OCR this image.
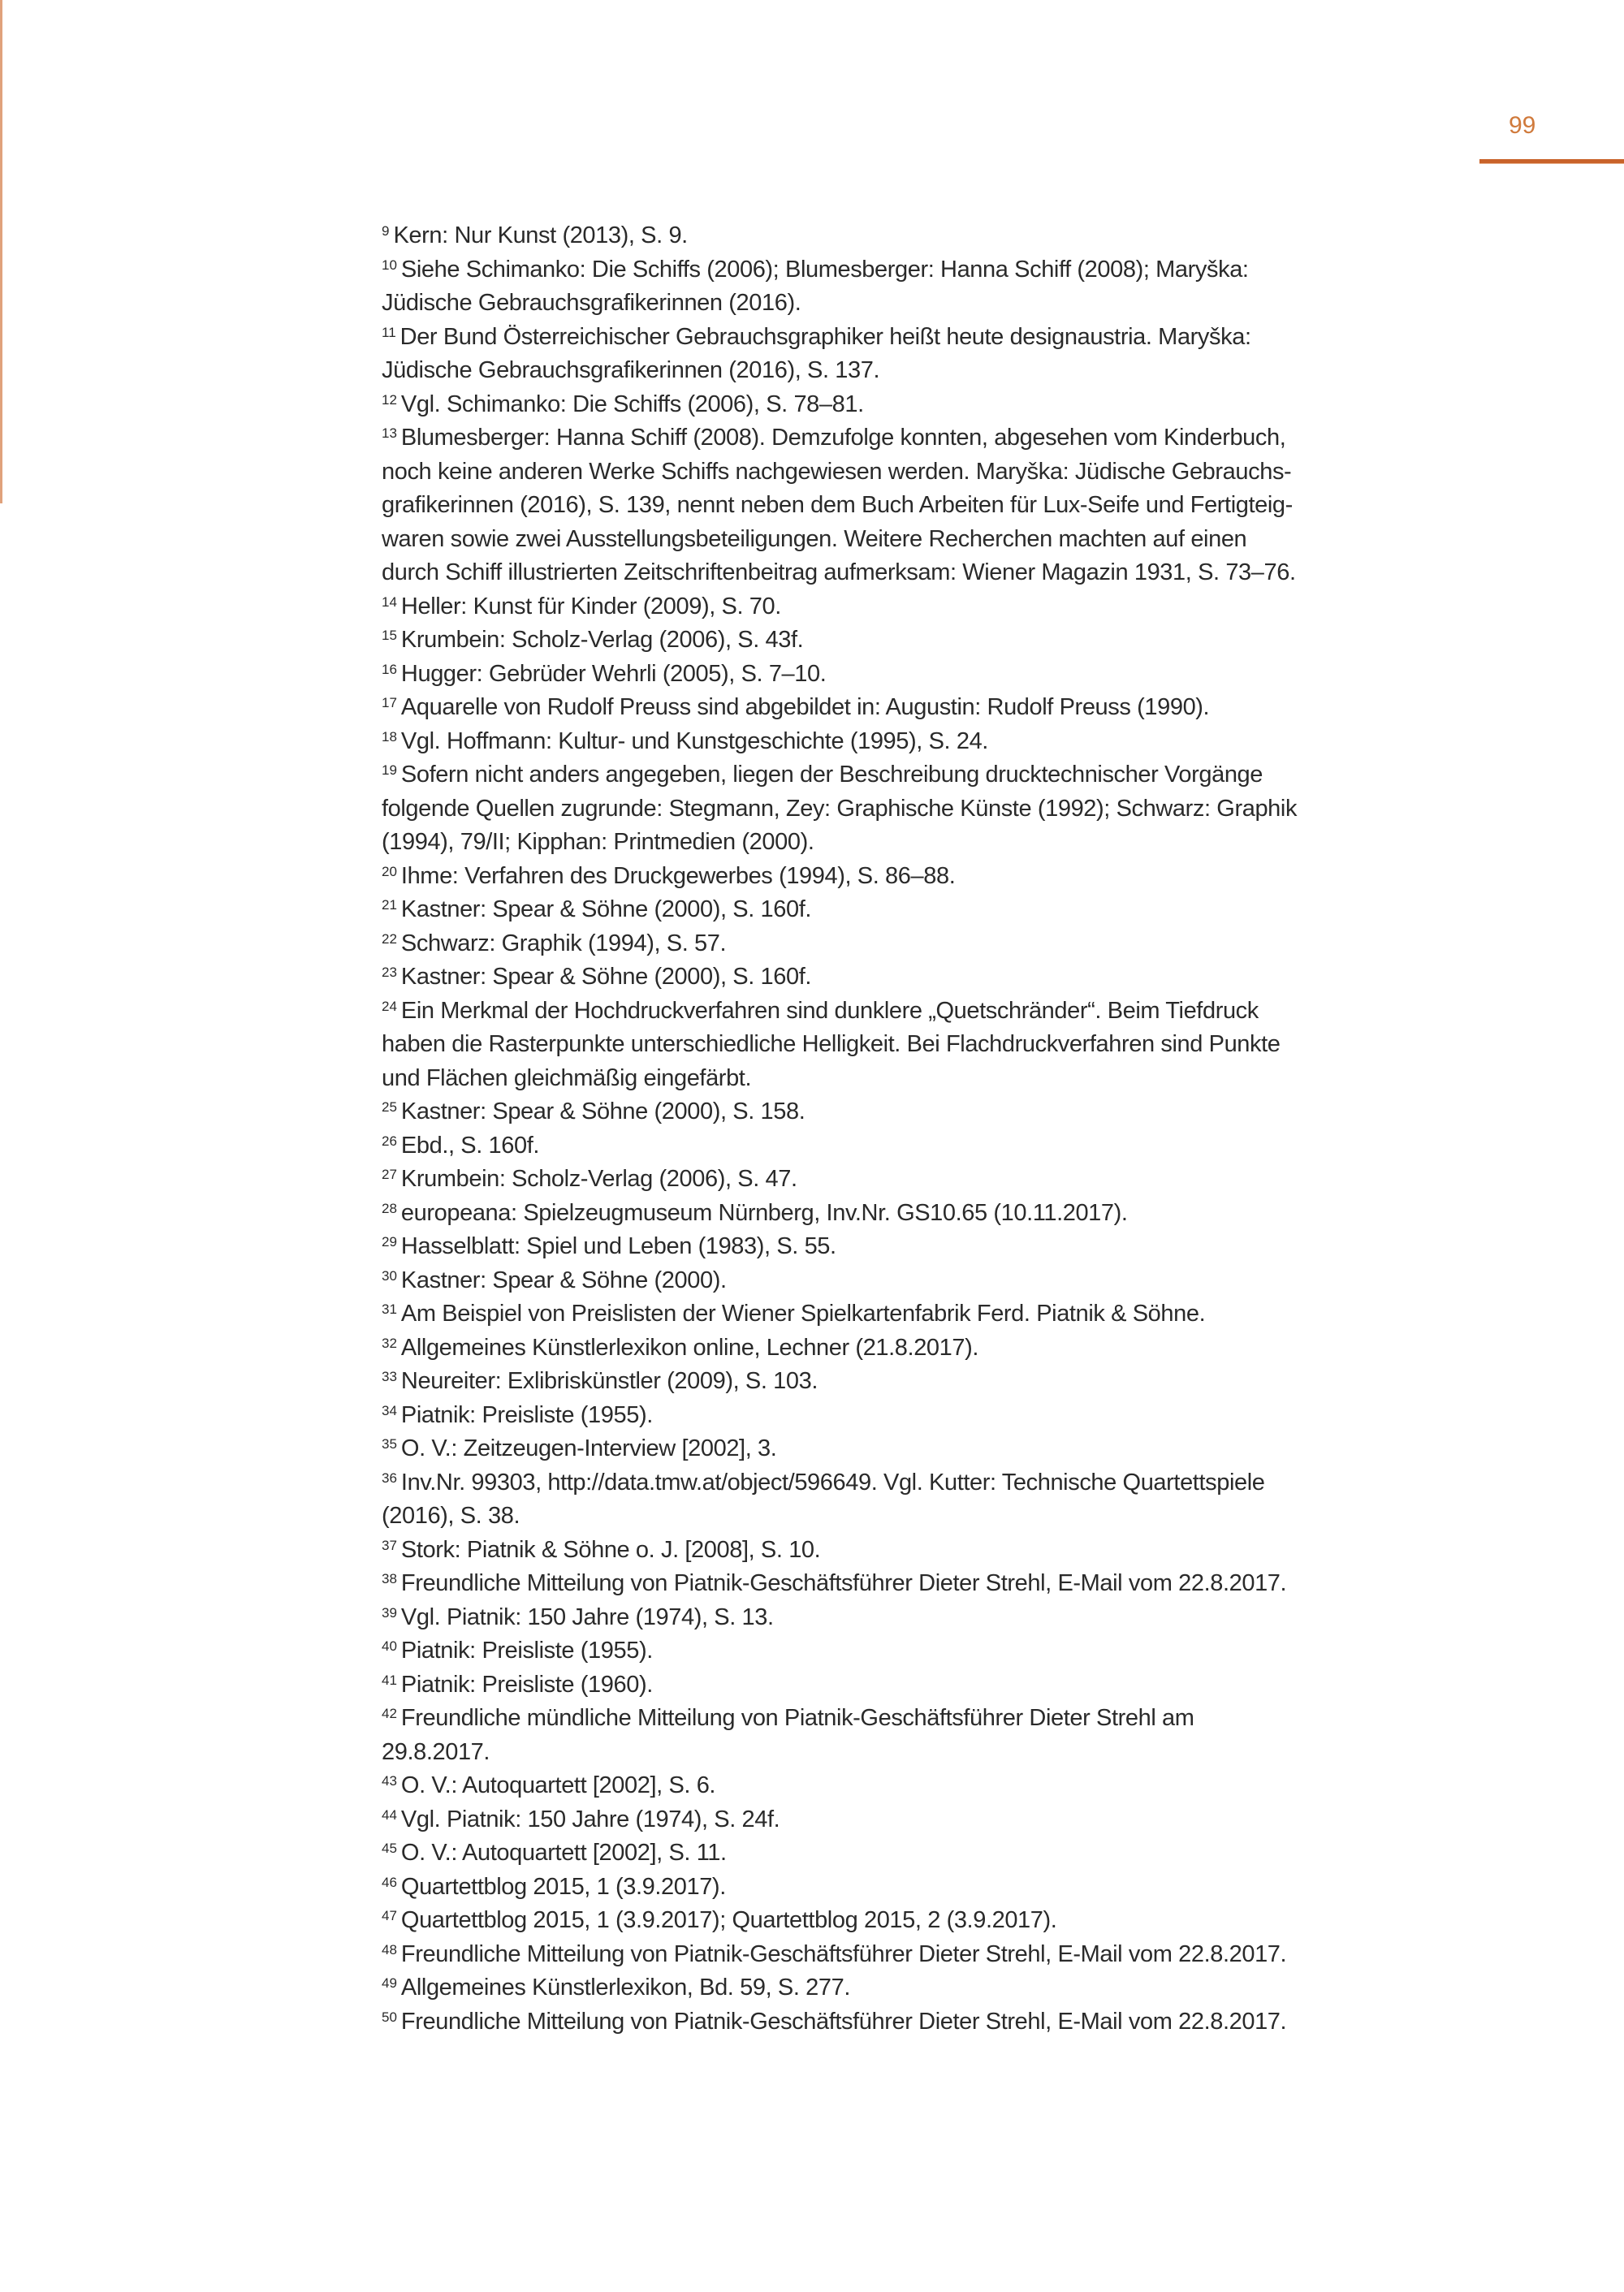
99
$^9$ Kern: Nur Kunst (2013), S. 9.
$^{10}$ Siehe Schimanko: Die Schiffs (2006); Blumesberger: Hanna Schiff (2008); Maryška:
Jüdische Gebrauchsgrafikerinnen (2016).
$^{11}$ Der Bund Österreichischer Gebrauchsgraphiker heißt heute designaustria. Maryška:
Jüdische Gebrauchsgrafikerinnen (2016), S. 137.
$^{12}$ Vgl. Schimanko: Die Schiffs (2006), S. 78–81.
$^{13}$ Blumesberger: Hanna Schiff (2008). Demzufolge konnten, abgesehen vom Kinderbuch,
noch keine anderen Werke Schiffs nachgewiesen werden. Maryška: Jüdische Gebrauchs-
grafikerinnen (2016), S. 139, nennt neben dem Buch Arbeiten für Lux-Seife und Fertigteig-
waren sowie zwei Ausstellungsbeteiligungen. Weitere Recherchen machten auf einen
durch Schiff illustrierten Zeitschriftenbeitrag aufmerksam: Wiener Magazin 1931, S. 73–76.
$^{14}$ Heller: Kunst für Kinder (2009), S. 70.
$^{15}$ Krumbein: Scholz-Verlag (2006), S. 43f.
$^{16}$ Hugger: Gebrüder Wehrli (2005), S. 7–10.
$^{17}$ Aquarelle von Rudolf Preuss sind abgebildet in: Augustin: Rudolf Preuss (1990).
$^{18}$ Vgl. Hoffmann: Kultur- und Kunstgeschichte (1995), S. 24.
$^{19}$ Sofern nicht anders angegeben, liegen der Beschreibung drucktechnischer Vorgänge
folgende Quellen zugrunde: Stegmann, Zey: Graphische Künste (1992); Schwarz: Graphik
(1994), 79/II; Kipphan: Printmedien (2000).
$^{20}$ Ihme: Verfahren des Druckgewerbes (1994), S. 86–88.
$^{21}$ Kastner: Spear & Söhne (2000), S. 160f.
$^{22}$ Schwarz: Graphik (1994), S. 57.
$^{23}$ Kastner: Spear & Söhne (2000), S. 160f.
$^{24}$ Ein Merkmal der Hochdruckverfahren sind dunklere „Quetschränder“. Beim Tiefdruck
haben die Rasterpunkte unterschiedliche Helligkeit. Bei Flachdruckverfahren sind Punkte
und Flächen gleichmäßig eingefärbt.
$^{25}$ Kastner: Spear & Söhne (2000), S. 158.
$^{26}$ Ebd., S. 160f.
$^{27}$ Krumbein: Scholz-Verlag (2006), S. 47.
$^{28}$ europeana: Spielzeugmuseum Nürnberg, Inv.Nr. GS10.65 (10.11.2017).
$^{29}$ Hasselblatt: Spiel und Leben (1983), S. 55.
$^{30}$ Kastner: Spear & Söhne (2000).
$^{31}$ Am Beispiel von Preislisten der Wiener Spielkartenfabrik Ferd. Piatnik & Söhne.
$^{32}$ Allgemeines Künstlerlexikon online, Lechner (21.8.2017).
$^{33}$ Neureiter: Exlibriskünstler (2009), S. 103.
$^{34}$ Piatnik: Preisliste (1955).
$^{35}$ O. V.: Zeitzeugen-Interview [2002], 3.
$^{36}$ Inv.Nr. 99303, http://data.tmw.at/object/596649. Vgl. Kutter: Technische Quartettspiele
(2016), S. 38.
$^{37}$ Stork: Piatnik & Söhne o. J. [2008], S. 10.
$^{38}$ Freundliche Mitteilung von Piatnik-Geschäftsführer Dieter Strehl, E-Mail vom 22.8.2017.
$^{39}$ Vgl. Piatnik: 150 Jahre (1974), S. 13.
$^{40}$ Piatnik: Preisliste (1955).
$^{41}$ Piatnik: Preisliste (1960).
$^{42}$ Freundliche mündliche Mitteilung von Piatnik-Geschäftsführer Dieter Strehl am
29.8.2017.
$^{43}$ O. V.: Autoquartett [2002], S. 6.
$^{44}$ Vgl. Piatnik: 150 Jahre (1974), S. 24f.
$^{45}$ O. V.: Autoquartett [2002], S. 11.
$^{46}$ Quartettblog 2015, 1 (3.9.2017).
$^{47}$ Quartettblog 2015, 1 (3.9.2017); Quartettblog 2015, 2 (3.9.2017).
$^{48}$ Freundliche Mitteilung von Piatnik-Geschäftsführer Dieter Strehl, E-Mail vom 22.8.2017.
$^{49}$ Allgemeines Künstlerlexikon, Bd. 59, S. 277.
$^{50}$ Freundliche Mitteilung von Piatnik-Geschäftsführer Dieter Strehl, E-Mail vom 22.8.2017.
